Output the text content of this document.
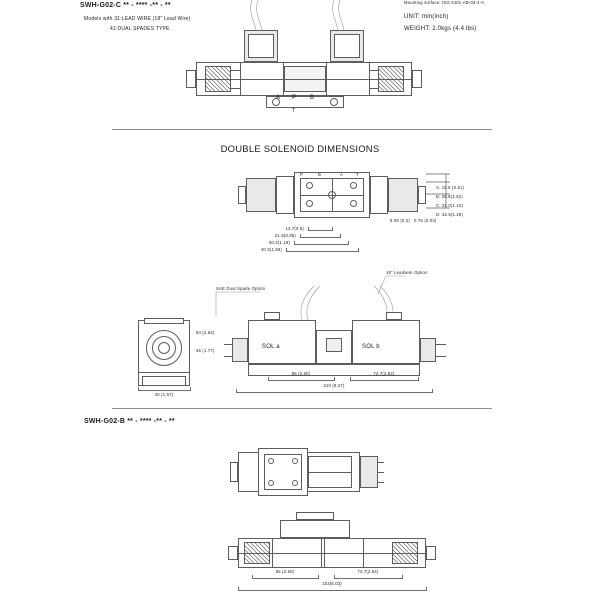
SWH-G02-C ** - **** -** - **
Models with 31:LEAD WIRE (18" Lead Wire)
41:DUAL SPADES TYPE
Mounting surface: ISO 4401-AB-03-4-A
UNIT: mm(inch)
WEIGHT: 2.0kgs (4.4 lbs)
A P B
T
DOUBLE SOLENOID DIMENSIONS
A: 15.5 (0.61)
B: 25.9(1.02)
C: 31.0(1.22)
D: 32.5(1.28)
P	B	A	T
12.7(0.5)
21.5(0.85)
30.2(1.19)
40.5(1.59)
5.06 (0.2) 0.76 (0.03)
SAE Dual Spade Option
18" Leadwire Option
64 (2.52)
45 (1.77)
40 (1.57)
SOL a	SOL b
65 (2.60)	72.7(2.84)
210 (8.27)
SWH-G02-B ** - **** -** - **
65 (2.60)	72.7(2.84)
153(6.03)
